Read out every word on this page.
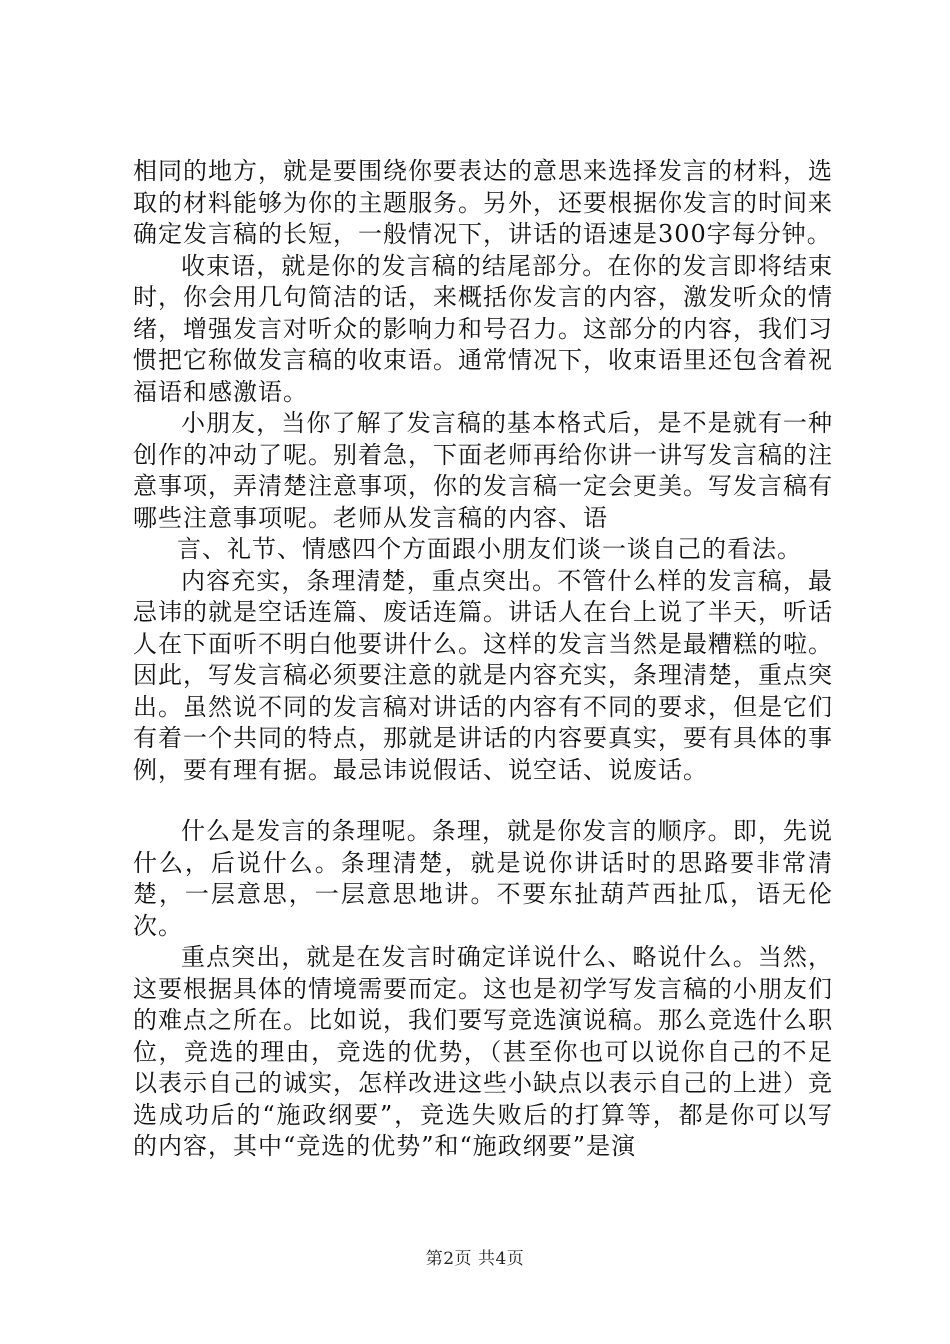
相同的地方，就是要围绕你要表达的意思来选择发言的材料，选取的材料能够为你的主题服务。另外，还要根据你发言的时间来确定发言稿的长短，一般情况下，讲话的语速是300字每分钟。

收束语，就是你的发言稿的结尾部分。在你的发言即将结束时，你会用几句简洁的话，来概括你发言的内容，激发听众的情绪，增强发言对听众的影响力和号召力。这部分的内容，我们习惯把它称做发言稿的收束语。通常情况下，收束语里还包含着祝福语和感激语。

小朋友，当你了解了发言稿的基本格式后，是不是就有一种创作的冲动了呢。别着急，下面老师再给你讲一讲写发言稿的注意事项，弄清楚注意事项，你的发言稿一定会更美。写发言稿有哪些注意事项呢。老师从发言稿的内容、语

言、礼节、情感四个方面跟小朋友们谈一谈自己的看法。

内容充实，条理清楚，重点突出。不管什么样的发言稿，最忌讳的就是空话连篇、废话连篇。讲话人在台上说了半天，听话人在下面听不明白他要讲什么。这样的发言当然是最糟糕的啦。因此，写发言稿必须要注意的就是内容充实，条理清楚，重点突出。虽然说不同的发言稿对讲话的内容有不同的要求，但是它们有着一个共同的特点，那就是讲话的内容要真实，要有具体的事例，要有理有据。最忌讳说假话、说空话、说废话。

什么是发言的条理呢。条理，就是你发言的顺序。即，先说什么，后说什么。条理清楚，就是说你讲话时的思路要非常清楚，一层意思，一层意思地讲。不要东扯葫芦西扯瓜，语无伦次。

重点突出，就是在发言时确定详说什么、略说什么。当然，这要根据具体的情境需要而定。这也是初学写发言稿的小朋友们的难点之所在。比如说，我们要写竞选演说稿。那么竞选什么职位，竞选的理由，竞选的优势，（甚至你也可以说你自己的不足以表示自己的诚实，怎样改进这些小缺点以表示自己的上进）竞选成功后的“施政纲要”，竞选失败后的打算等，都是你可以写的内容，其中“竞选的优势”和“施政纲要”是演

第2页 共4页
